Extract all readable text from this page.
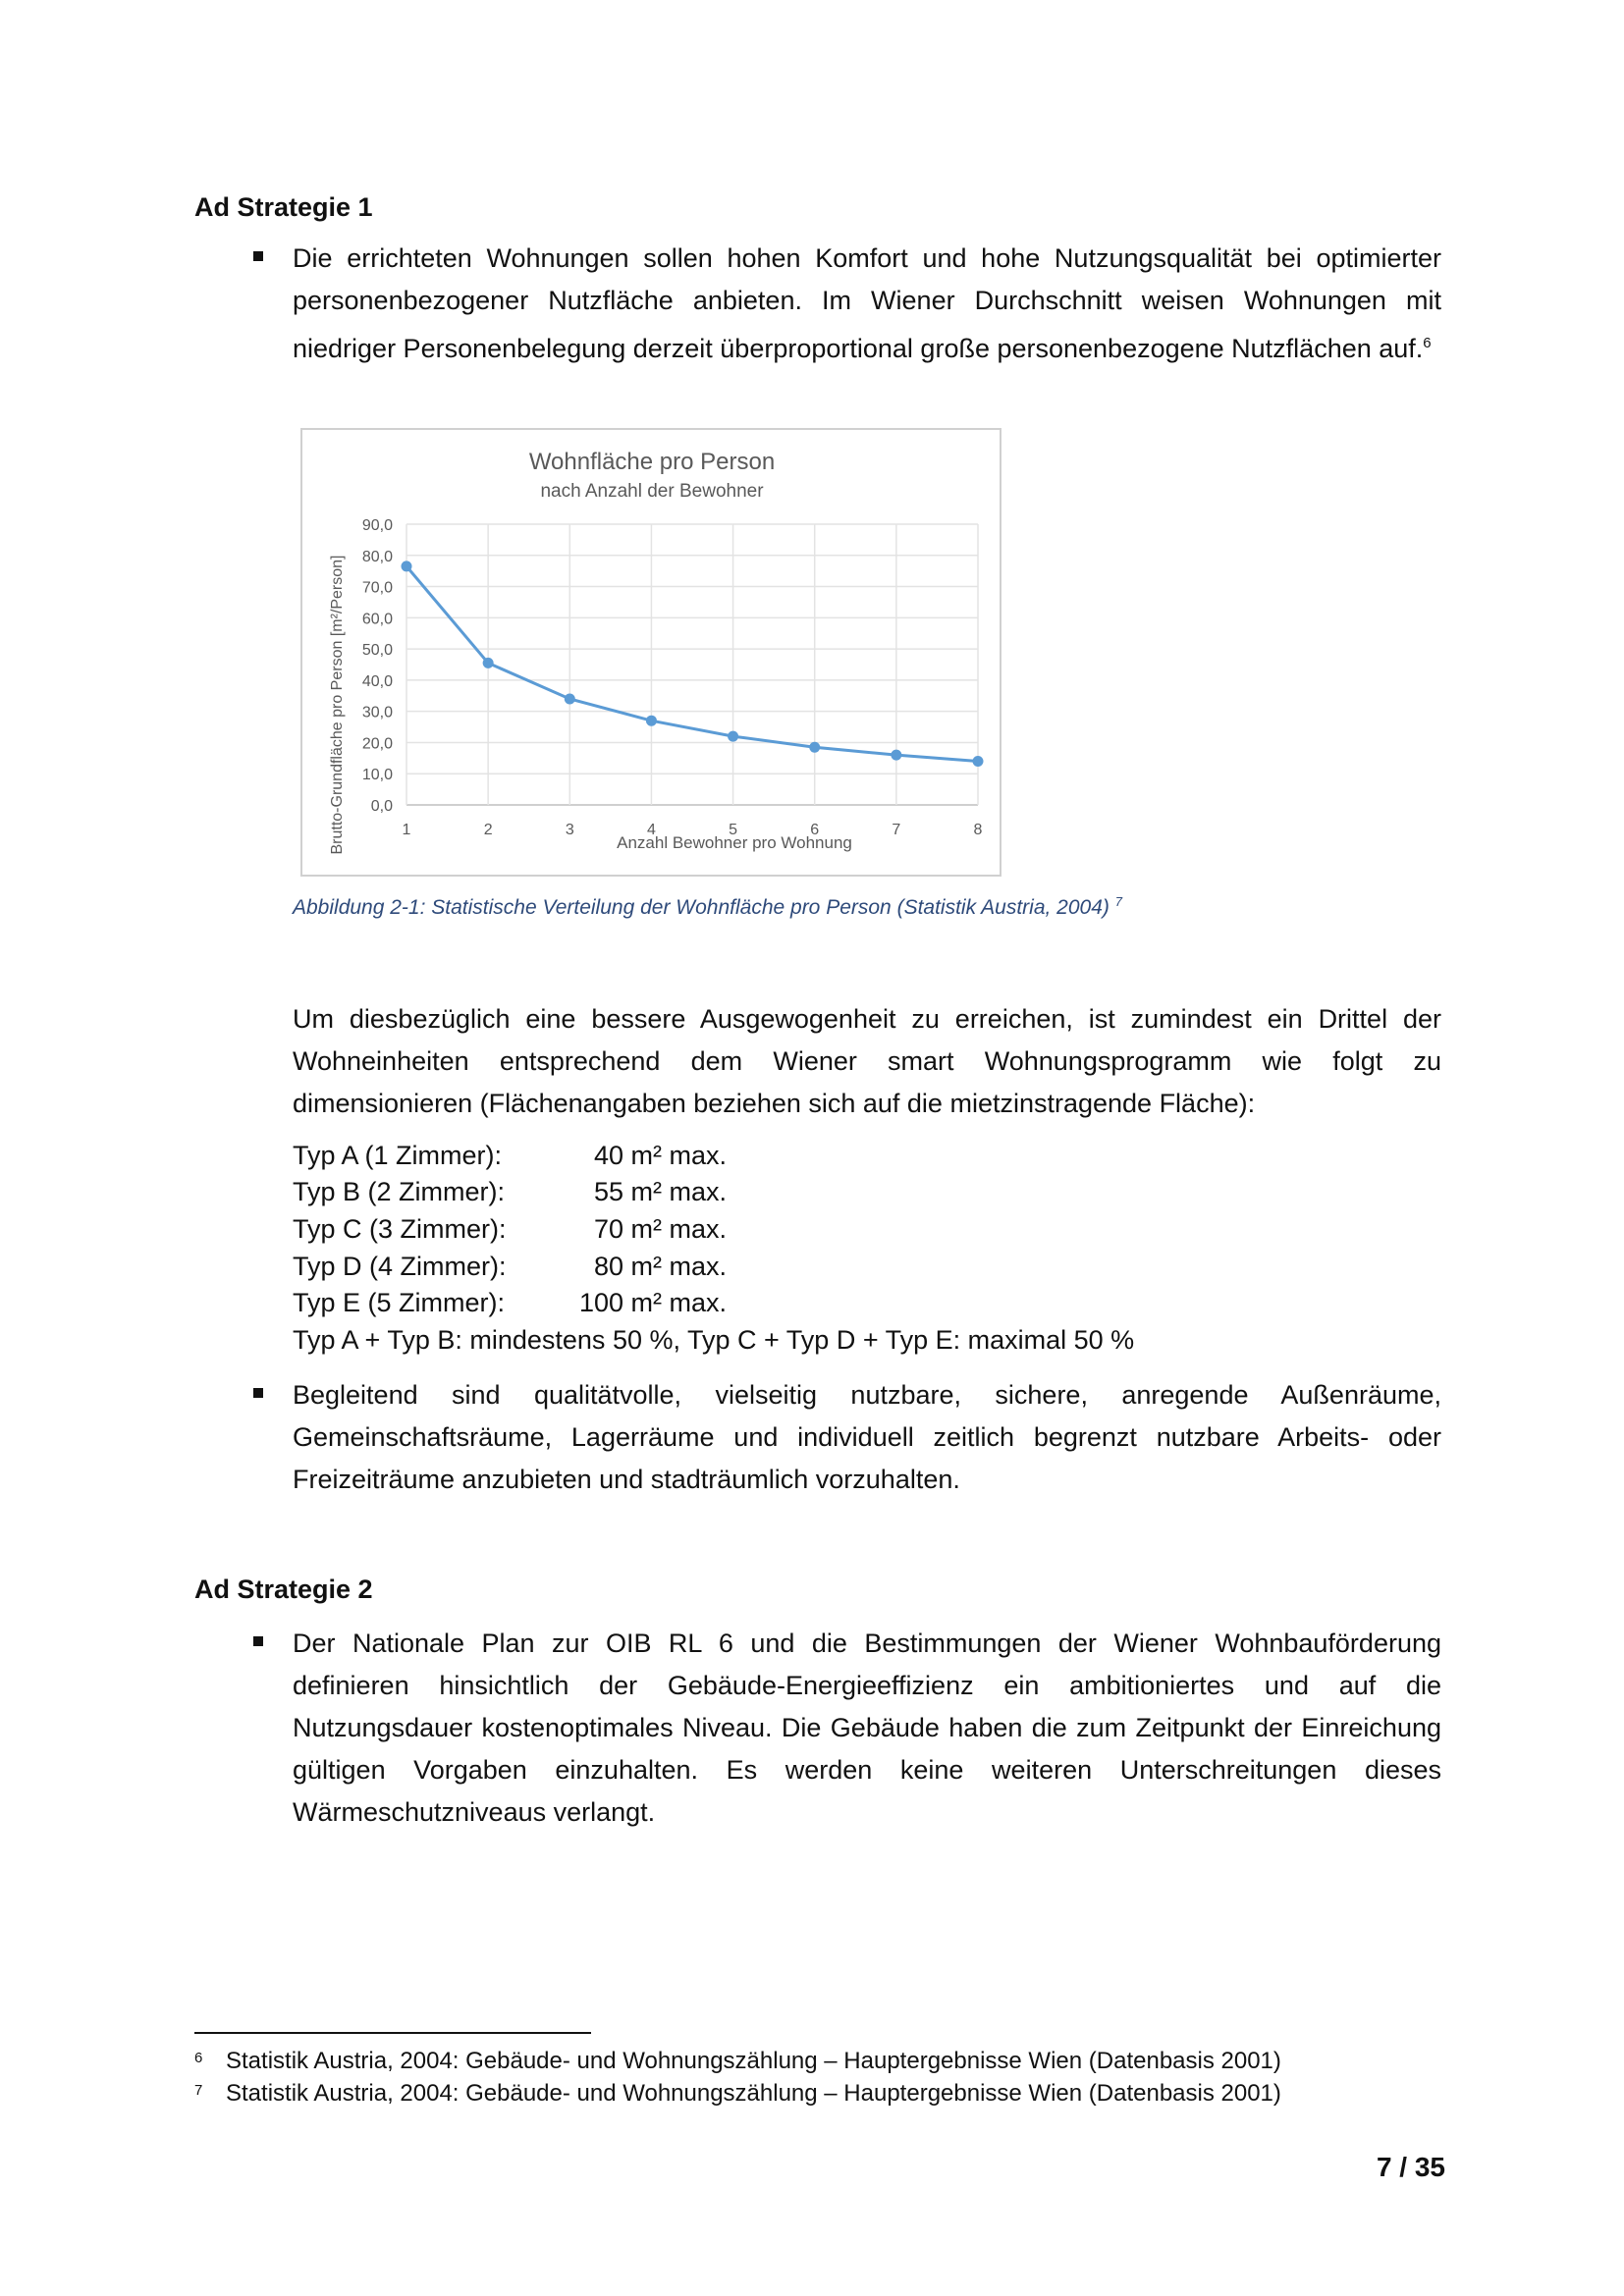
Ad Strategie 1
Die errichteten Wohnungen sollen hohen Komfort und hohe Nutzungsqualität bei optimierter personenbezogener Nutzfläche anbieten. Im Wiener Durchschnitt weisen Wohnungen mit niedriger Personenbelegung derzeit überproportional große personenbezogene Nutzflächen auf.$^6$
Wohnfläche pro Person
nach Anzahl der Bewohner
0,0
10,0
20,0
30,0
40,0
50,0
60,0
70,0
80,0
90,0
1	2	3	4	5	6	7	8
Anzahl Bewohner pro Wohnung
Brutto-Grundfläche pro Person [m²/Person]
Abbildung 2-1: Statistische Verteilung der Wohnfläche pro Person (Statistik Austria, 2004) $^7$
Um diesbezüglich eine bessere Ausgewogenheit zu erreichen, ist zumindest ein Drittel der Wohneinheiten entsprechend dem Wiener smart Wohnungsprogramm wie folgt zu dimensionieren (Flächenangaben beziehen sich auf die mietzinstragende Fläche):
Typ A (1 Zimmer):	40 m² max.
Typ B (2 Zimmer):	55 m² max.
Typ C (3 Zimmer):	70 m² max.
Typ D (4 Zimmer):	80 m² max.
Typ E (5 Zimmer):	100 m² max.
Typ A + Typ B: mindestens 50 %, Typ C + Typ D + Typ E: maximal 50 %
Begleitend sind qualitätvolle, vielseitig nutzbare, sichere, anregende Außenräume, Gemeinschaftsräume, Lagerräume und individuell zeitlich begrenzt nutzbare Arbeits- oder Freizeiträume anzubieten und stadträumlich vorzuhalten.
Ad Strategie 2
Der Nationale Plan zur OIB RL 6 und die Bestimmungen der Wiener Wohnbauförderung definieren hinsichtlich der Gebäude-Energieeffizienz ein ambitioniertes und auf die Nutzungsdauer kostenoptimales Niveau. Die Gebäude haben die zum Zeitpunkt der Einreichung gültigen Vorgaben einzuhalten. Es werden keine weiteren Unterschreitungen dieses Wärmeschutzniveaus verlangt.
6 Statistik Austria, 2004: Gebäude- und Wohnungszählung – Hauptergebnisse Wien (Datenbasis 2001)
7 Statistik Austria, 2004: Gebäude- und Wohnungszählung – Hauptergebnisse Wien (Datenbasis 2001)
7 / 35
